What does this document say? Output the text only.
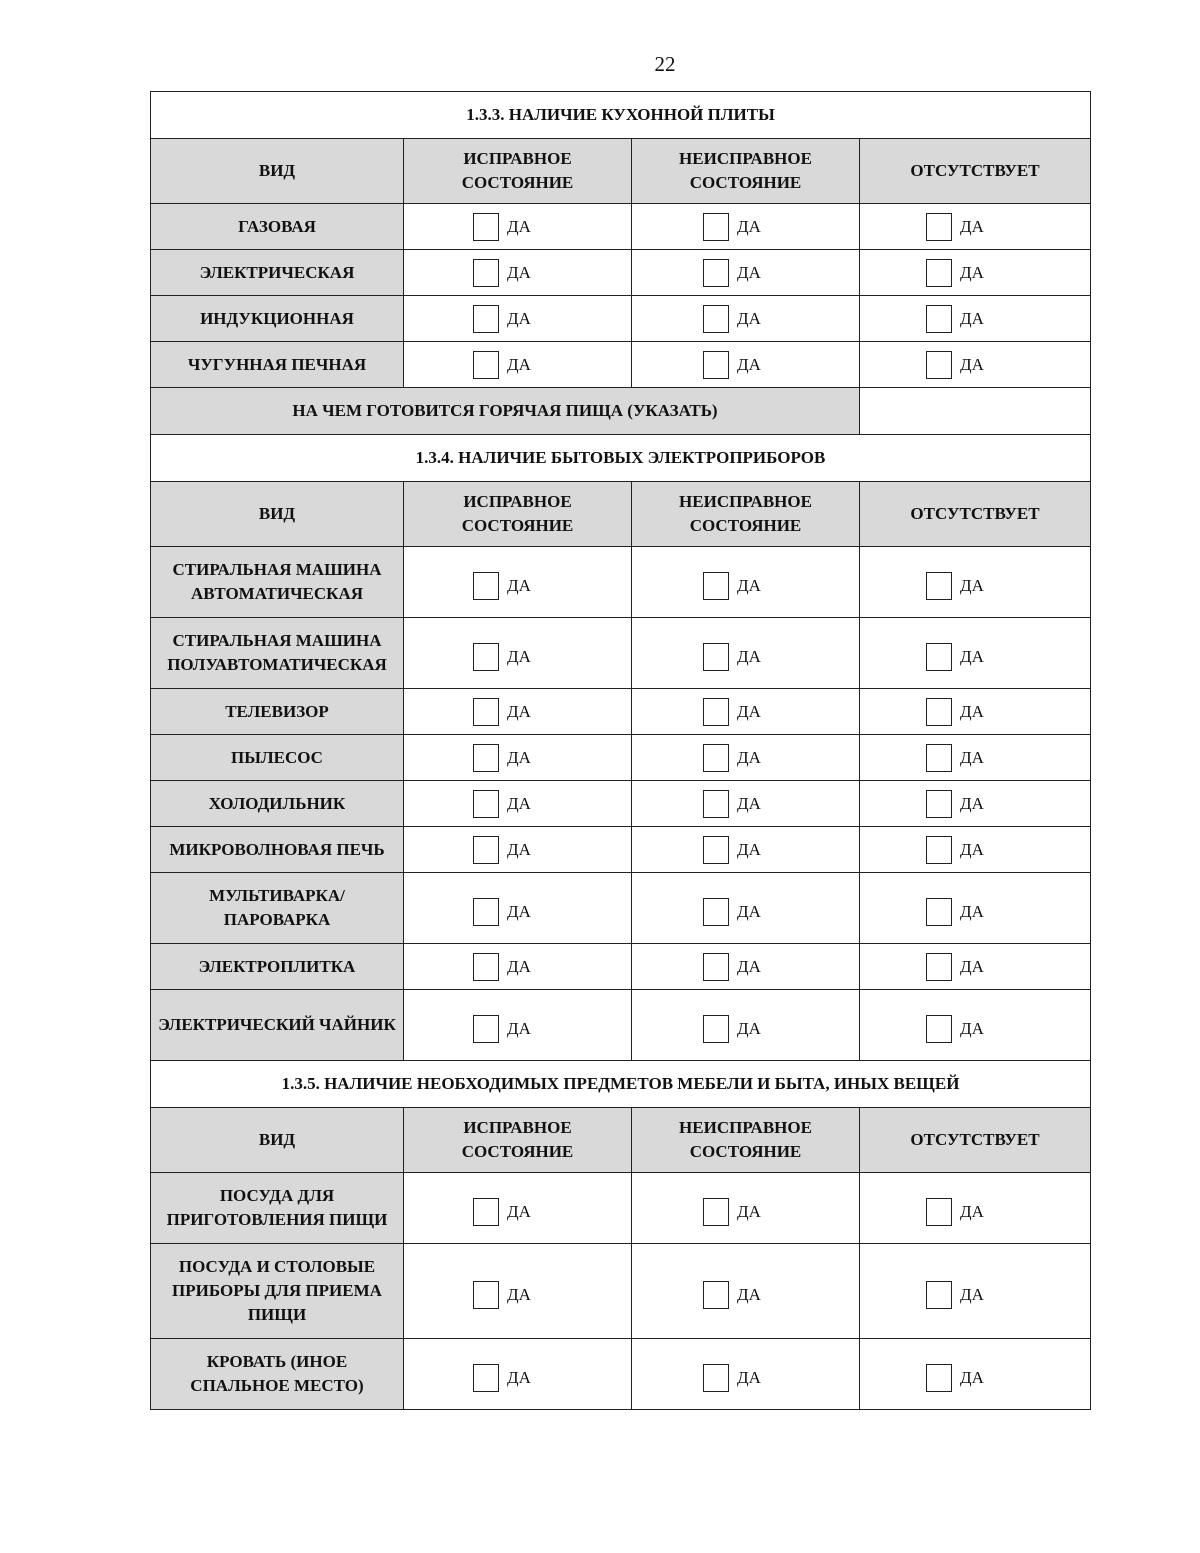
22
1.3.3. НАЛИЧИЕ КУХОННОЙ ПЛИТЫ			
ВИД	ИСПРАВНОЕ СОСТОЯНИЕ	НЕИСПРАВНОЕ СОСТОЯНИЕ	ОТСУТСТВУЕТ
ГАЗОВАЯ	ДА	ДА	ДА

ЭЛЕКТРИЧЕСКАЯ	ДА	ДА	ДА

ИНДУКЦИОННАЯ	ДА	ДА	ДА

ЧУГУННАЯ ПЕЧНАЯ	ДА	ДА	ДА

НА ЧЕМ ГОТОВИТСЯ ГОРЯЧАЯ ПИЩА (УКАЗАТЬ)			
1.3.4. НАЛИЧИЕ БЫТОВЫХ ЭЛЕКТРОПРИБОРОВ			
ВИД	ИСПРАВНОЕ СОСТОЯНИЕ	НЕИСПРАВНОЕ СОСТОЯНИЕ	ОТСУТСТВУЕТ
СТИРАЛЬНАЯ МАШИНА АВТОМАТИЧЕСКАЯ	ДА	ДА	ДА

СТИРАЛЬНАЯ МАШИНА ПОЛУАВТОМАТИЧЕСКАЯ	ДА	ДА	ДА

ТЕЛЕВИЗОР	ДА	ДА	ДА

ПЫЛЕСОС	ДА	ДА	ДА

ХОЛОДИЛЬНИК	ДА	ДА	ДА

МИКРОВОЛНОВАЯ ПЕЧЬ	ДА	ДА	ДА

МУЛЬТИВАРКА/ ПАРОВАРКА	ДА	ДА	ДА

ЭЛЕКТРОПЛИТКА	ДА	ДА	ДА

ЭЛЕКТРИЧЕСКИЙ ЧАЙНИК	ДА	ДА	ДА

1.3.5. НАЛИЧИЕ НЕОБХОДИМЫХ ПРЕДМЕТОВ МЕБЕЛИ И БЫТА, ИНЫХ ВЕЩЕЙ			
ВИД	ИСПРАВНОЕ СОСТОЯНИЕ	НЕИСПРАВНОЕ СОСТОЯНИЕ	ОТСУТСТВУЕТ
ПОСУДА ДЛЯ ПРИГОТОВЛЕНИЯ ПИЩИ	ДА	ДА	ДА

ПОСУДА И СТОЛОВЫЕ ПРИБОРЫ ДЛЯ ПРИЕМА ПИЩИ	ДА	ДА	ДА

КРОВАТЬ (ИНОЕ СПАЛЬНОЕ МЕСТО)	ДА	ДА	ДА
